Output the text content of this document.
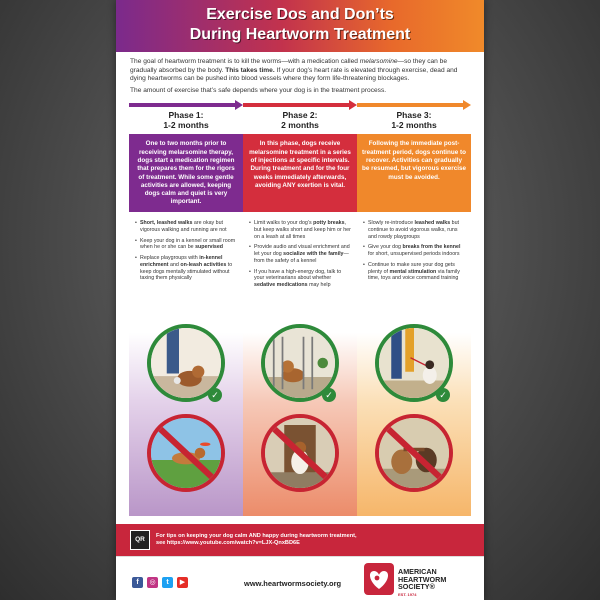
Exercise Dos and Don’ts
During Heartworm Treatment

The goal of heartworm treatment is to kill the worms—with a medication called melarsomine—so they can be gradually absorbed by the body. This takes time. If your dog’s heart rate is elevated through exercise, dead and dying heartworms can be pushed into blood vessels where they form life-threatening blockages.

The amount of exercise that’s safe depends where your dog is in the treatment process.

Phase 1:
1-2 months
Phase 2:
2 months
Phase 3:
1-2 months
One to two months prior to receiving melarsomine therapy, dogs start a medication regimen that prepares them for the rigors of treatment. While some gentle activities are allowed, keeping dogs calm and quiet is very important.
• Short, leashed walks are okay but vigorous walking and running are not
• Keep your dog in a kennel or small room when he or she can be supervised
• Replace playgroups with in-kennel enrichment and on-leash activities to keep dogs mentally stimulated without taxing them physically
✓
In this phase, dogs receive melarsomine treatment in a series of injections at specific intervals. During treatment and for the four weeks immediately afterwards, avoiding ANY exertion is vital.
• Limit walks to your dog’s potty breaks, but keep walks short and keep him or her on a leash at all times
• Provide audio and visual enrichment and let your dog socialize with the family—from the safety of a kennel
• If you have a high-energy dog, talk to your veterinarians about whether sedative medications may help
✓
Following the immediate post-treatment period, dogs continue to recover. Activities can gradually be resumed, but vigorous exercise must be avoided.
• Slowly re-introduce leashed walks but continue to avoid vigorous walks, runs and rowdy playgroups
• Give your dog breaks from the kennel for short, unsupervised periods indoors
• Continue to make sure your dog gets plenty of mental stimulation via family time, toys and voice command training
✓
QR
For tips on keeping your dog calm AND happy during heartworm treatment,
see https://www.youtube.com/watch?v=LJX-QnxBD6E
f	◎	t	▶	www.heartwormsociety.org
AMERICAN
HEARTWORM
SOCIETY®
EST. 1974
